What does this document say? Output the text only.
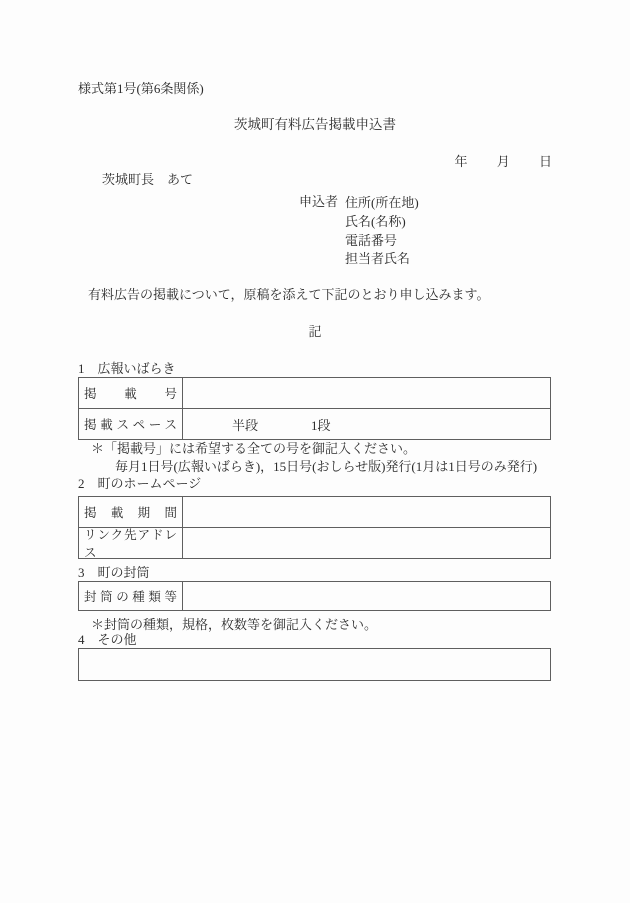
様式第1号(第6条関係)
茨城町有料広告掲載申込書
年 月 日
茨城町長　あて
申込者 住所(所在地)
氏名(名称)
電話番号
担当者氏名
有料広告の掲載について，原稿を添えて下記のとおり申し込みます。
記
1　広報いばらき
掲載号
掲載スペース	半段	1段
＊「掲載号」には希望する全ての号を御記入ください。
毎月1日号(広報いばらき)，15日号(おしらせ版)発行(1月は1日号のみ発行)
2　町のホームページ
掲載期間
リンク先アドレス
3　町の封筒
封筒の種類等
＊封筒の種類，規格，枚数等を御記入ください。
4　その他
